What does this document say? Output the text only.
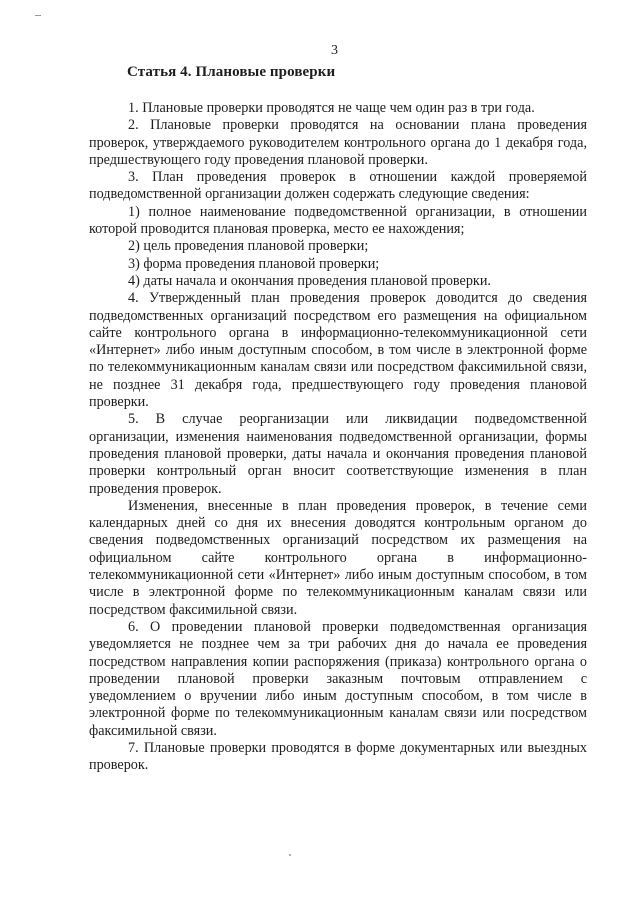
3
Статья 4. Плановые проверки

1. Плановые проверки проводятся не чаще чем один раз в три года.

2. Плановые проверки проводятся на основании плана проведения проверок, утверждаемого руководителем контрольного органа до 1 декабря года, предшествующего году проведения плановой проверки.

3. План проведения проверок в отношении каждой проверяемой подведомственной организации должен содержать следующие сведения:

1) полное наименование подведомственной организации, в отношении которой проводится плановая проверка, место ее нахождения;

2) цель проведения плановой проверки;

3) форма проведения плановой проверки;

4) даты начала и окончания проведения плановой проверки.

4. Утвержденный план проведения проверок доводится до сведения подведомственных организаций посредством его размещения на официальном сайте контрольного органа в информационно-телекоммуникационной сети «Интернет» либо иным доступным способом, в том числе в электронной форме по телекоммуникационным каналам связи или посредством факсимильной связи, не позднее 31 декабря года, предшествующего году проведения плановой проверки.

5. В случае реорганизации или ликвидации подведомственной организации, изменения наименования подведомственной организации, формы проведения плановой проверки, даты начала и окончания проведения плановой проверки контрольный орган вносит соответствующие изменения в план проведения проверок.

Изменения, внесенные в план проведения проверок, в течение семи календарных дней со дня их внесения доводятся контрольным органом до сведения подведомственных организаций посредством их размещения на официальном сайте контрольного органа в информационно-телекоммуникационной сети «Интернет» либо иным доступным способом, в том числе в электронной форме по телекоммуникационным каналам связи или посредством факсимильной связи.

6. О проведении плановой проверки подведомственная организация уведомляется не позднее чем за три рабочих дня до начала ее проведения посредством направления копии распоряжения (приказа) контрольного органа о проведении плановой проверки заказным почтовым отправлением с уведомлением о вручении либо иным доступным способом, в том числе в электронной форме по телекоммуникационным каналам связи или посредством факсимильной связи.

7. Плановые проверки проводятся в форме документарных или выездных проверок.
